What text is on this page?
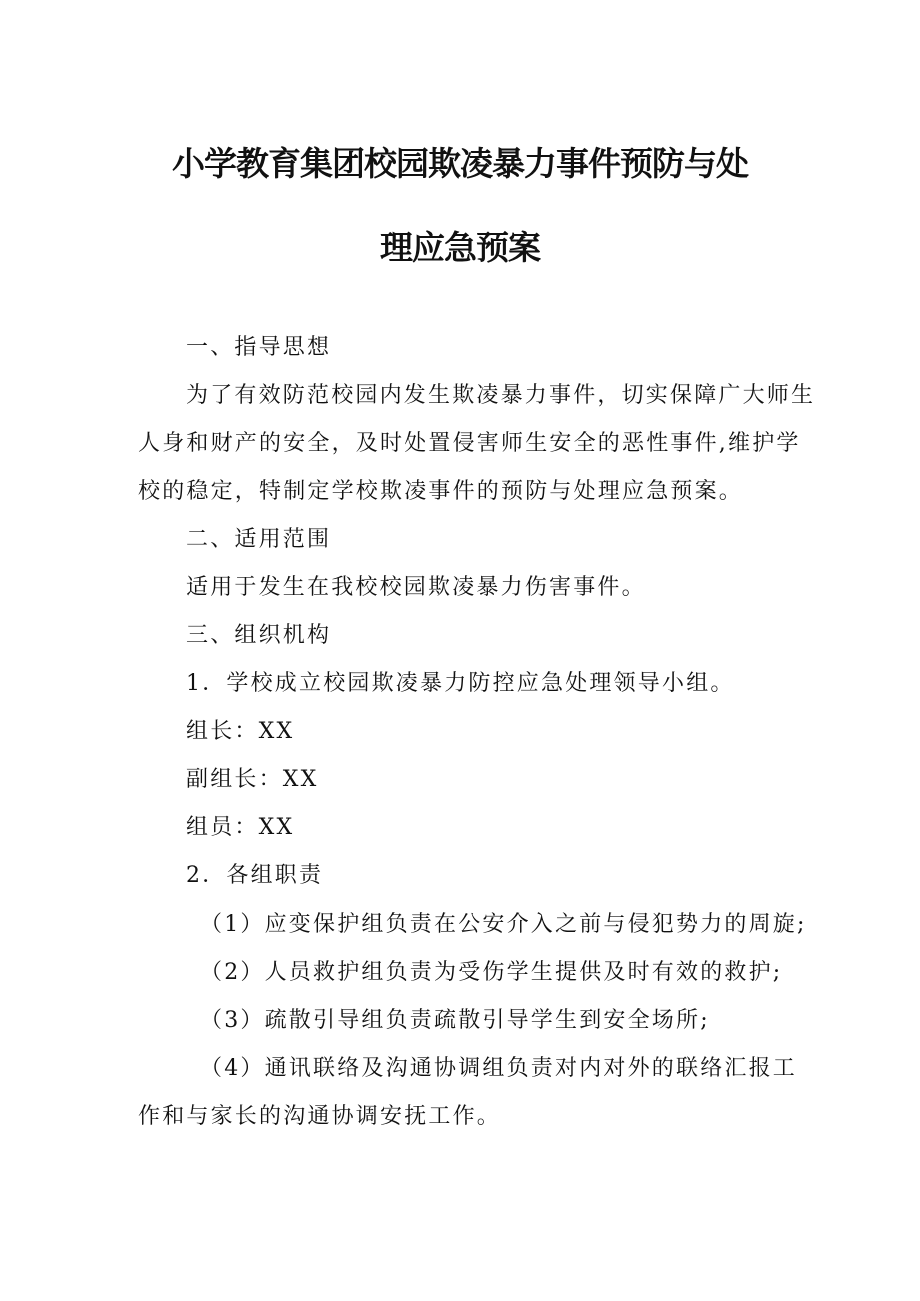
小学教育集团校园欺凌暴力事件预防与处
理应急预案
一、指导思想
为了有效防范校园内发生欺凌暴力事件，切实保障广大师生
人身和财产的安全，及时处置侵害师生安全的恶性事件,维护学
校的稳定，特制定学校欺凌事件的预防与处理应急预案。
二、适用范围
适用于发生在我校校园欺凌暴力伤害事件。
三、组织机构
1．学校成立校园欺凌暴力防控应急处理领导小组。
组长：XX
副组长：XX
组员：XX
2．各组职责
（1）应变保护组负责在公安介入之前与侵犯势力的周旋;
（2）人员救护组负责为受伤学生提供及时有效的救护;
（3）疏散引导组负责疏散引导学生到安全场所;
（4）通讯联络及沟通协调组负责对内对外的联络汇报工
作和与家长的沟通协调安抚工作。
